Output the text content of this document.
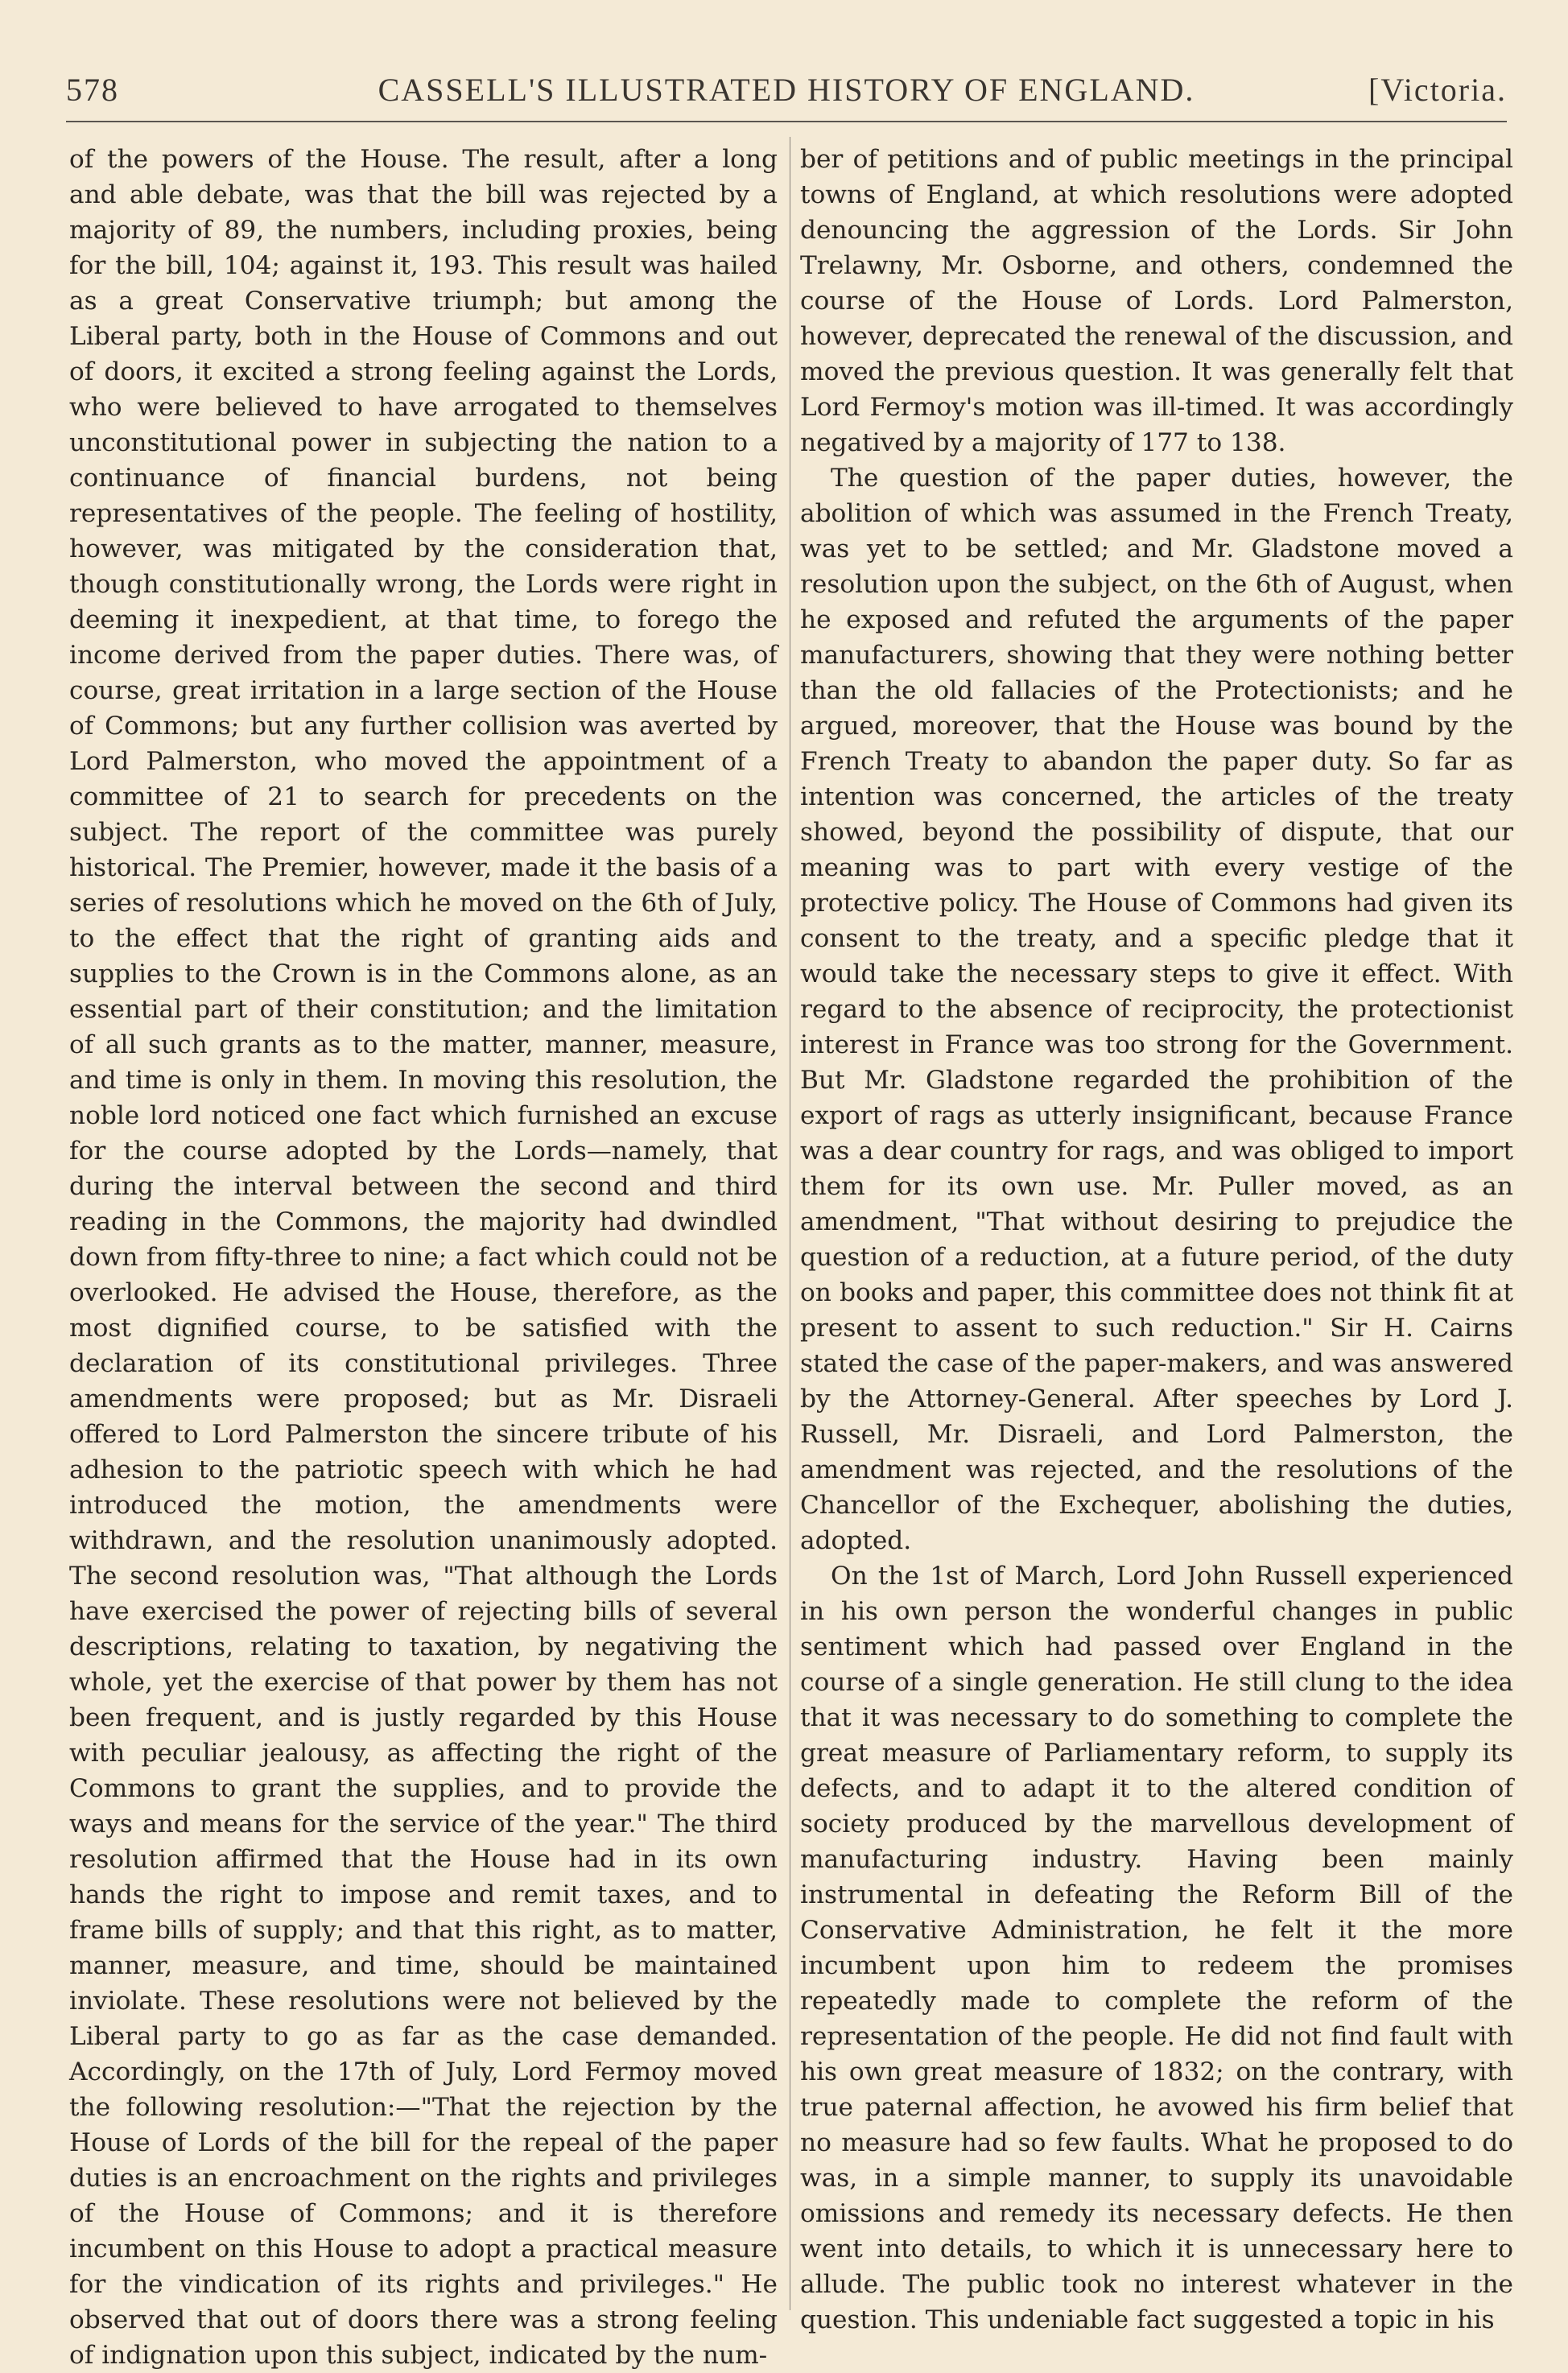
578	CASSELL'S ILLUSTRATED HISTORY OF ENGLAND.	[Victoria.

of the powers of the House. The result, after a long and able debate, was that the bill was rejected by a majority of 89, the numbers, including proxies, being for the bill, 104; against it, 193. This result was hailed as a great Conservative triumph; but among the Liberal party, both in the House of Commons and out of doors, it excited a strong feeling against the Lords, who were believed to have arrogated to themselves unconstitutional power in subjecting the nation to a continuance of financial burdens, not being representatives of the people. The feeling of hostility, however, was mitigated by the consideration that, though constitutionally wrong, the Lords were right in deeming it inexpedient, at that time, to forego the income derived from the paper duties. There was, of course, great irritation in a large section of the House of Commons; but any further collision was averted by Lord Palmerston, who moved the appointment of a committee of 21 to search for precedents on the subject. The report of the committee was purely historical. The Premier, however, made it the basis of a series of resolutions which he moved on the 6th of July, to the effect that the right of granting aids and supplies to the Crown is in the Commons alone, as an essential part of their constitution; and the limitation of all such grants as to the matter, manner, measure, and time is only in them. In moving this resolution, the noble lord noticed one fact which furnished an excuse for the course adopted by the Lords—namely, that during the interval between the second and third reading in the Commons, the majority had dwindled down from fifty-three to nine; a fact which could not be overlooked. He advised the House, therefore, as the most dignified course, to be satisfied with the declaration of its constitutional privileges. Three amendments were proposed; but as Mr. Disraeli offered to Lord Palmerston the sincere tribute of his adhesion to the patriotic speech with which he had introduced the motion, the amendments were withdrawn, and the resolution unanimously adopted. The second resolution was, "That although the Lords have exercised the power of rejecting bills of several descriptions, relating to taxation, by negativing the whole, yet the exercise of that power by them has not been frequent, and is justly regarded by this House with peculiar jealousy, as affecting the right of the Commons to grant the supplies, and to provide the ways and means for the service of the year." The third resolution affirmed that the House had in its own hands the right to impose and remit taxes, and to frame bills of supply; and that this right, as to matter, manner, measure, and time, should be maintained inviolate. These resolutions were not believed by the Liberal party to go as far as the case demanded. Accordingly, on the 17th of July, Lord Fermoy moved the following resolution:—"That the rejection by the House of Lords of the bill for the repeal of the paper duties is an encroachment on the rights and privileges of the House of Commons; and it is therefore incumbent on this House to adopt a practical measure for the vindication of its rights and privileges." He observed that out of doors there was a strong feeling of indignation upon this subject, indicated by the num-

ber of petitions and of public meetings in the principal towns of England, at which resolutions were adopted denouncing the aggression of the Lords. Sir John Trelawny, Mr. Osborne, and others, condemned the course of the House of Lords. Lord Palmerston, however, deprecated the renewal of the discussion, and moved the previous question. It was generally felt that Lord Fermoy's motion was ill-timed. It was accordingly negatived by a majority of 177 to 138.

The question of the paper duties, however, the abolition of which was assumed in the French Treaty, was yet to be settled; and Mr. Gladstone moved a resolution upon the subject, on the 6th of August, when he exposed and refuted the arguments of the paper manufacturers, showing that they were nothing better than the old fallacies of the Protectionists; and he argued, moreover, that the House was bound by the French Treaty to abandon the paper duty. So far as intention was concerned, the articles of the treaty showed, beyond the possibility of dispute, that our meaning was to part with every vestige of the protective policy. The House of Commons had given its consent to the treaty, and a specific pledge that it would take the necessary steps to give it effect. With regard to the absence of reciprocity, the protectionist interest in France was too strong for the Government. But Mr. Gladstone regarded the prohibition of the export of rags as utterly insignificant, because France was a dear country for rags, and was obliged to import them for its own use. Mr. Puller moved, as an amendment, "That without desiring to prejudice the question of a reduction, at a future period, of the duty on books and paper, this committee does not think fit at present to assent to such reduction." Sir H. Cairns stated the case of the paper-makers, and was answered by the Attorney-General. After speeches by Lord J. Russell, Mr. Disraeli, and Lord Palmerston, the amendment was rejected, and the resolutions of the Chancellor of the Exchequer, abolishing the duties, adopted.

On the 1st of March, Lord John Russell experienced in his own person the wonderful changes in public sentiment which had passed over England in the course of a single generation. He still clung to the idea that it was necessary to do something to complete the great measure of Parliamentary reform, to supply its defects, and to adapt it to the altered condition of society produced by the marvellous development of manufacturing industry. Having been mainly instrumental in defeating the Reform Bill of the Conservative Administration, he felt it the more incumbent upon him to redeem the promises repeatedly made to complete the reform of the representation of the people. He did not find fault with his own great measure of 1832; on the contrary, with true paternal affection, he avowed his firm belief that no measure had so few faults. What he proposed to do was, in a simple manner, to supply its unavoidable omissions and remedy its necessary defects. He then went into details, to which it is unnecessary here to allude. The public took no interest whatever in the question. This undeniable fact suggested a topic in his
